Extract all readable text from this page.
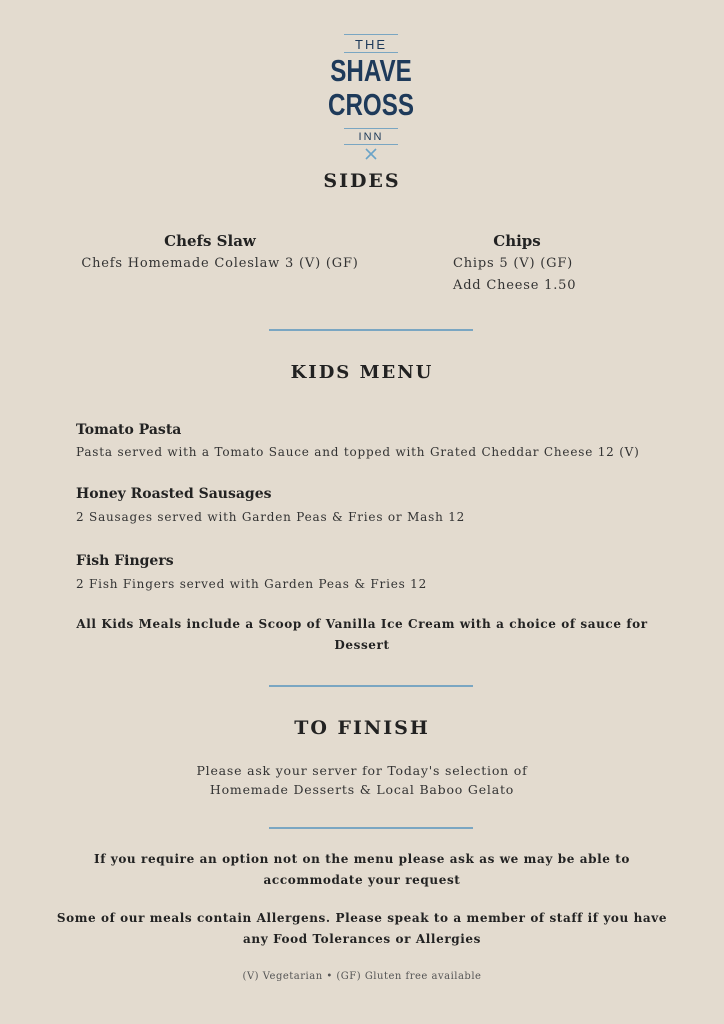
THE
SHAVE
CROSS
INN
SIDES
Chefs Slaw
Chefs Homemade Coleslaw 3 (V) (GF)
Chips
Chips 5 (V) (GF)
Add Cheese 1.50
KIDS MENU
Tomato Pasta
Pasta served with a Tomato Sauce and topped with Grated Cheddar Cheese 12 (V)
Honey Roasted Sausages
2 Sausages served with Garden Peas & Fries or Mash 12
Fish Fingers
2 Fish Fingers served with Garden Peas & Fries 12
All Kids Meals include a Scoop of Vanilla Ice Cream with a choice of sauce for
Dessert
TO FINISH
Please ask your server for Today's selection of
Homemade Desserts & Local Baboo Gelato
If you require an option not on the menu please ask as we may be able to
accommodate your request
Some of our meals contain Allergens. Please speak to a member of staff if you have
any Food Tolerances or Allergies
(V) Vegetarian • (GF) Gluten free available
